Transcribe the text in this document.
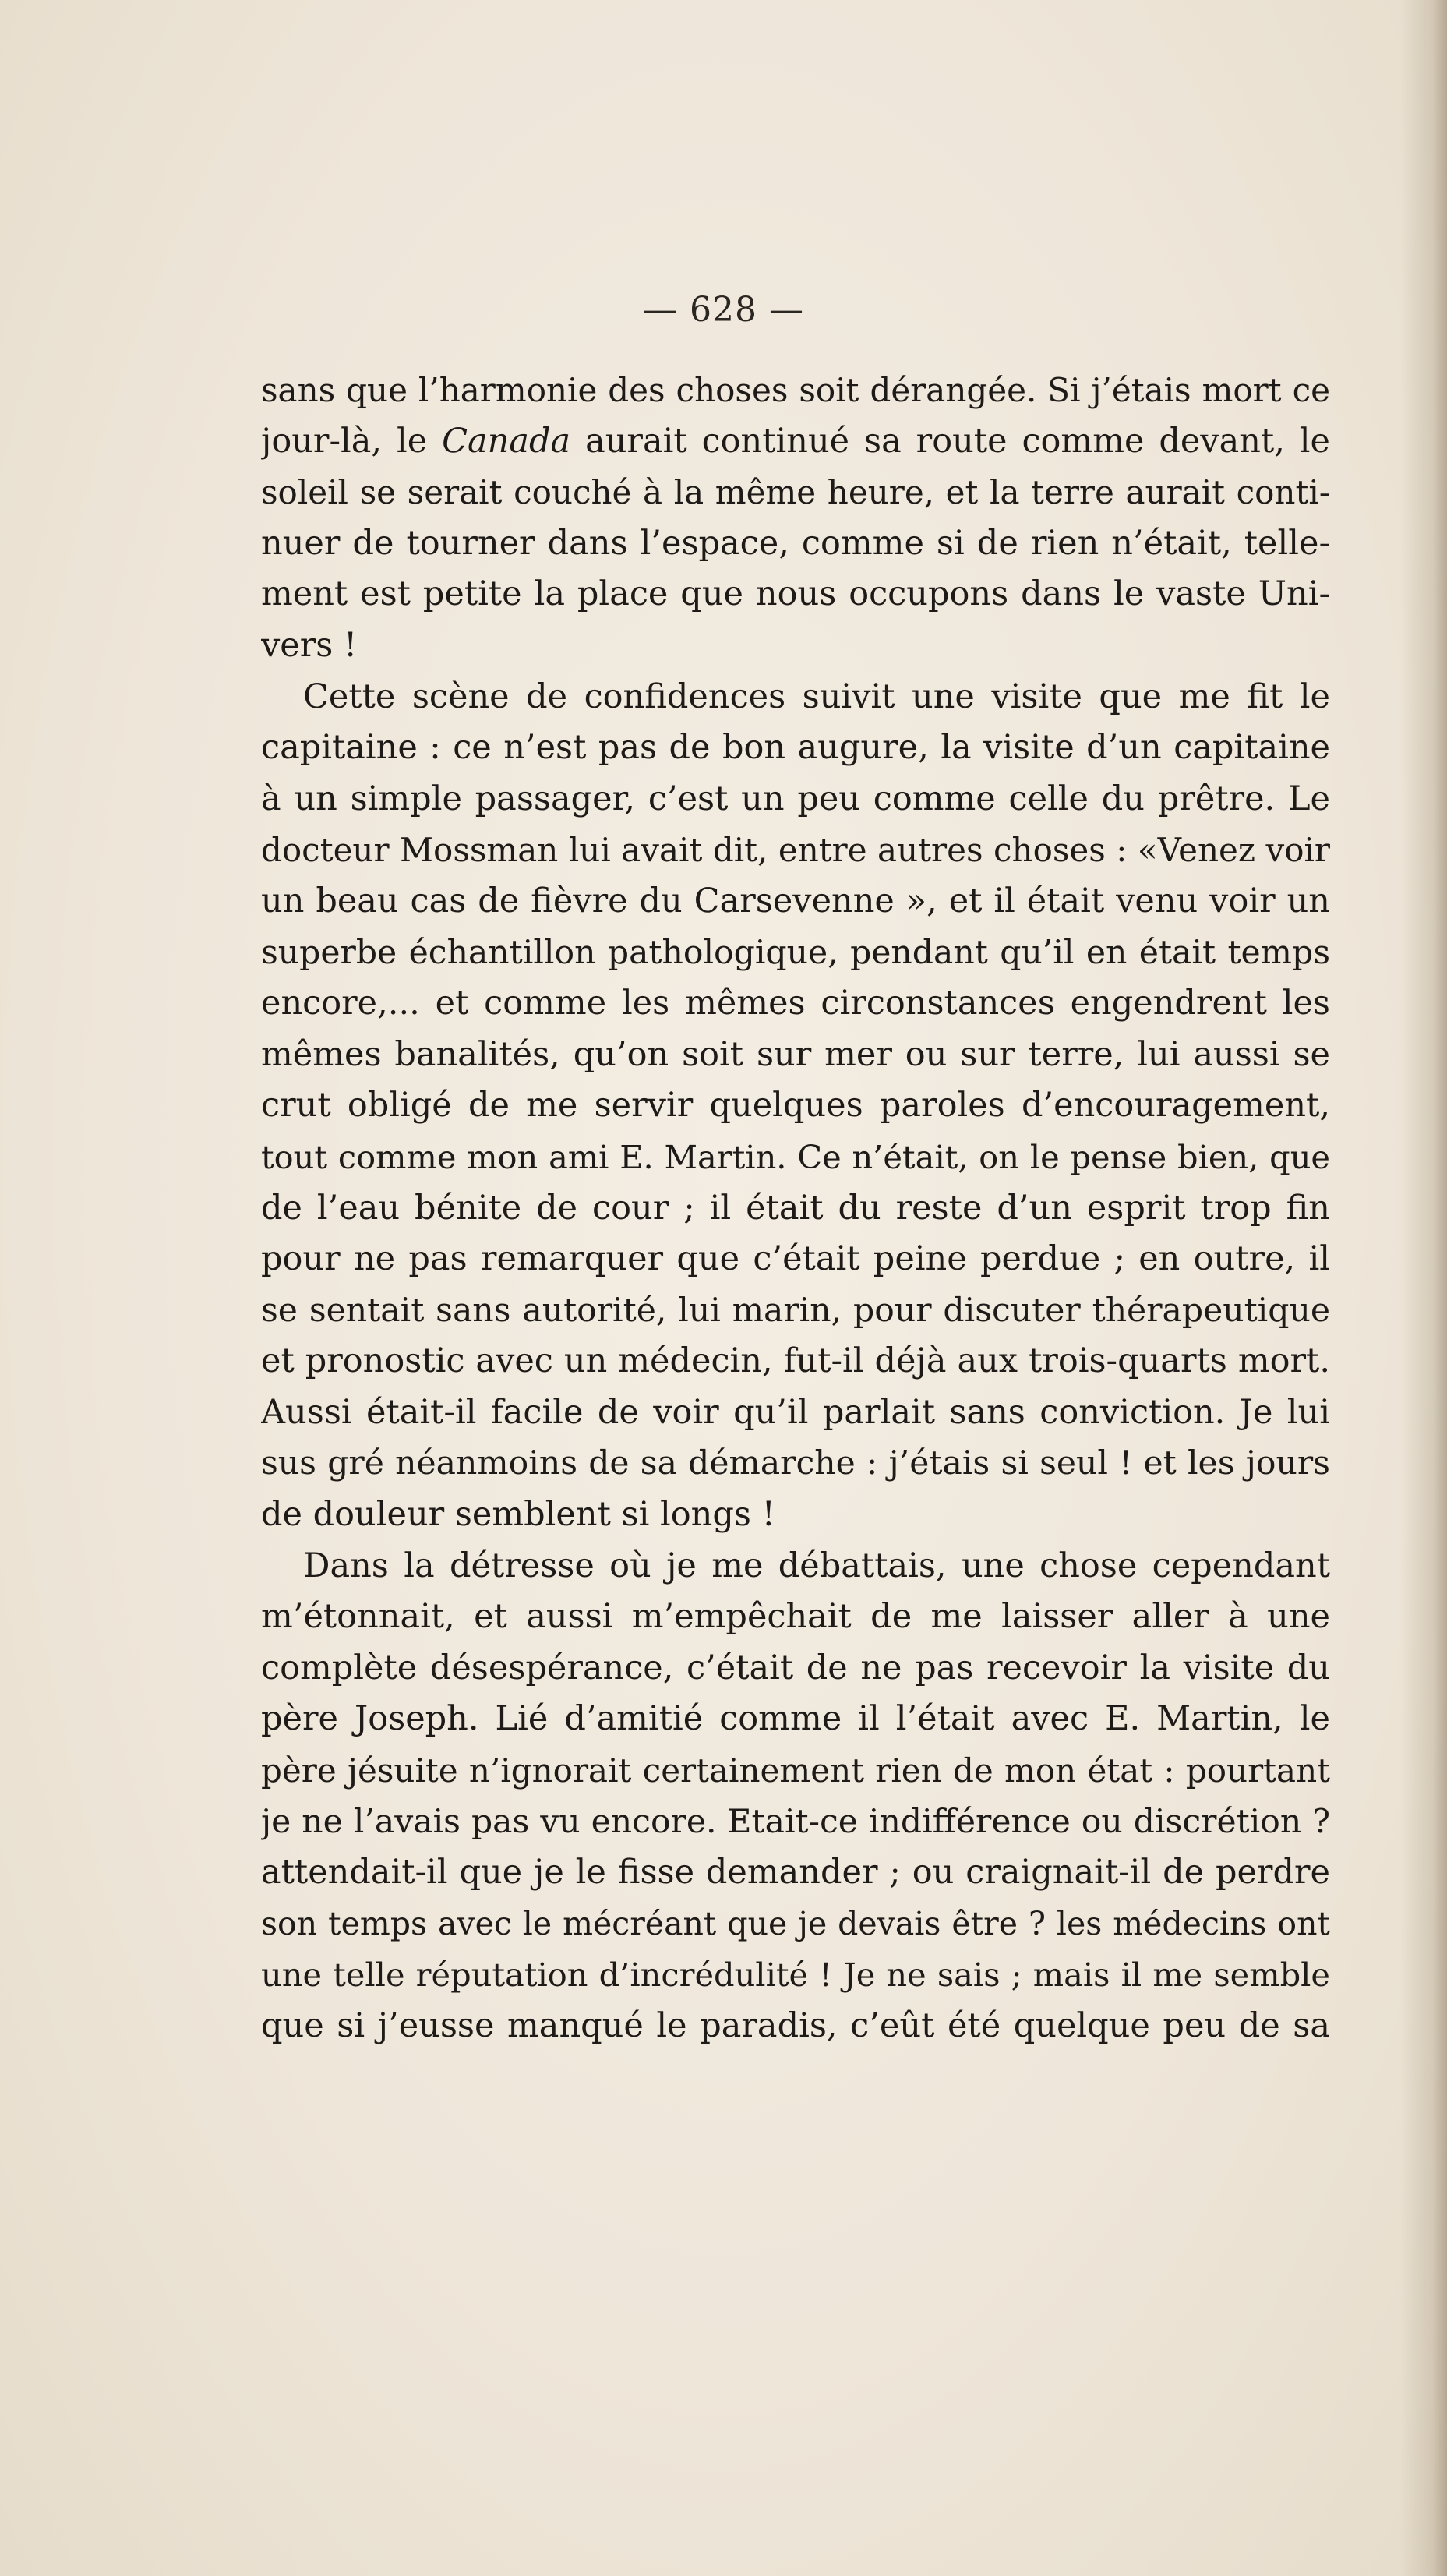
— 628 —

sans que l’harmonie des choses soit dérangée. Si j’étais mort ce
jour-là, le Canada aurait continué sa route comme devant, le
soleil se serait couché à la même heure, et la terre aurait conti-
nuer de tourner dans l’espace, comme si de rien n’était, telle-
ment est petite la place que nous occupons dans le vaste Uni-
vers !

Cette scène de confidences suivit une visite que me fit le
capitaine : ce n’est pas de bon augure, la visite d’un capitaine
à un simple passager, c’est un peu comme celle du prêtre. Le
docteur Mossman lui avait dit, entre autres choses : «Venez voir
un beau cas de fièvre du Carsevenne », et il était venu voir un
superbe échantillon pathologique, pendant qu’il en était temps
encore,... et comme les mêmes circonstances engendrent les
mêmes banalités, qu’on soit sur mer ou sur terre, lui aussi se
crut obligé de me servir quelques paroles d’encouragement,
tout comme mon ami E. Martin. Ce n’était, on le pense bien, que
de l’eau bénite de cour ; il était du reste d’un esprit trop fin
pour ne pas remarquer que c’était peine perdue ; en outre, il
se sentait sans autorité, lui marin, pour discuter thérapeutique
et pronostic avec un médecin, fut-il déjà aux trois-quarts mort.
Aussi était-il facile de voir qu’il parlait sans conviction. Je lui
sus gré néanmoins de sa démarche : j’étais si seul ! et les jours
de douleur semblent si longs !

Dans la détresse où je me débattais, une chose cependant
m’étonnait, et aussi m’empêchait de me laisser aller à une
complète désespérance, c’était de ne pas recevoir la visite du
père Joseph. Lié d’amitié comme il l’était avec E. Martin, le
père jésuite n’ignorait certainement rien de mon état : pourtant
je ne l’avais pas vu encore. Etait-ce indifférence ou discrétion ?
attendait-il que je le fisse demander ; ou craignait-il de perdre
son temps avec le mécréant que je devais être ? les médecins ont
une telle réputation d’incrédulité ! Je ne sais ; mais il me semble
que si j’eusse manqué le paradis, c’eût été quelque peu de sa
